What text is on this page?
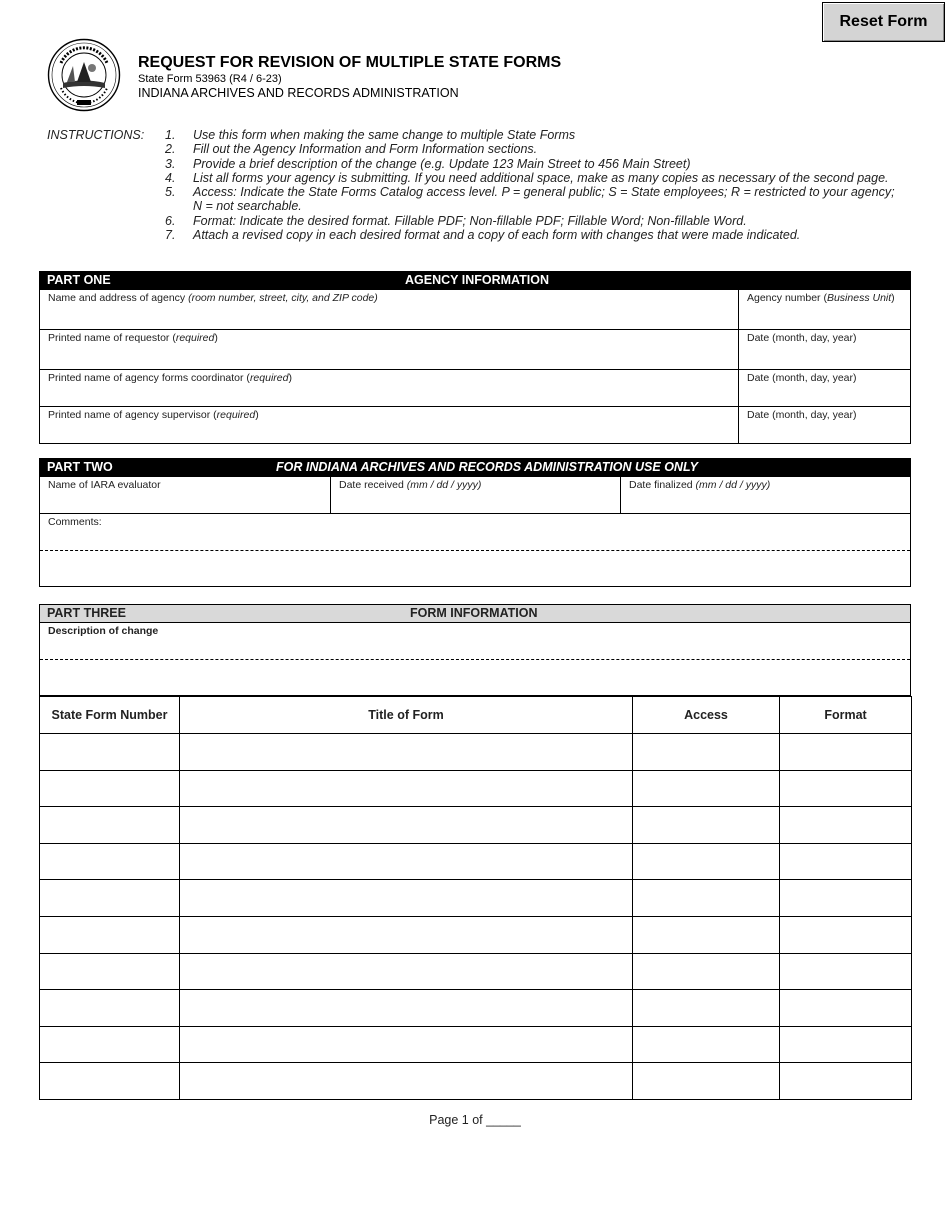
Reset Form
REQUEST FOR REVISION OF MULTIPLE STATE FORMS
State Form 53963 (R4 / 6-23)
INDIANA ARCHIVES AND RECORDS ADMINISTRATION
INSTRUCTIONS: 1.	Use this form when making the same change to multiple State Forms
2.	Fill out the Agency Information and Form Information sections.
3.	Provide a brief description of the change (e.g. Update 123 Main Street to 456 Main Street)
4.	List all forms your agency is submitting. If you need additional space, make as many copies as necessary of the second page.
5.	Access: Indicate the State Forms Catalog access level. P = general public; S = State employees; R = restricted to your agency; N = not searchable.
6.	Format: Indicate the desired format. Fillable PDF; Non-fillable PDF; Fillable Word; Non-fillable Word.
7.	Attach a revised copy in each desired format and a copy of each form with changes that were made indicated.
PART ONE	AGENCY INFORMATION
Name and address of agency (room number, street, city, and ZIP code)	Agency number (Business Unit)
Printed name of requestor (required)	Date (month, day, year)
Printed name of agency forms coordinator (required)	Date (month, day, year)
Printed name of agency supervisor (required)	Date (month, day, year)
PART TWO	FOR INDIANA ARCHIVES AND RECORDS ADMINISTRATION USE ONLY
Name of IARA evaluator	Date received (mm / dd / yyyy)	Date finalized (mm / dd / yyyy)
Comments:
PART THREE	FORM INFORMATION
Description of change
State Form Number	Title of Form	Access	Format

Page 1 of _____
